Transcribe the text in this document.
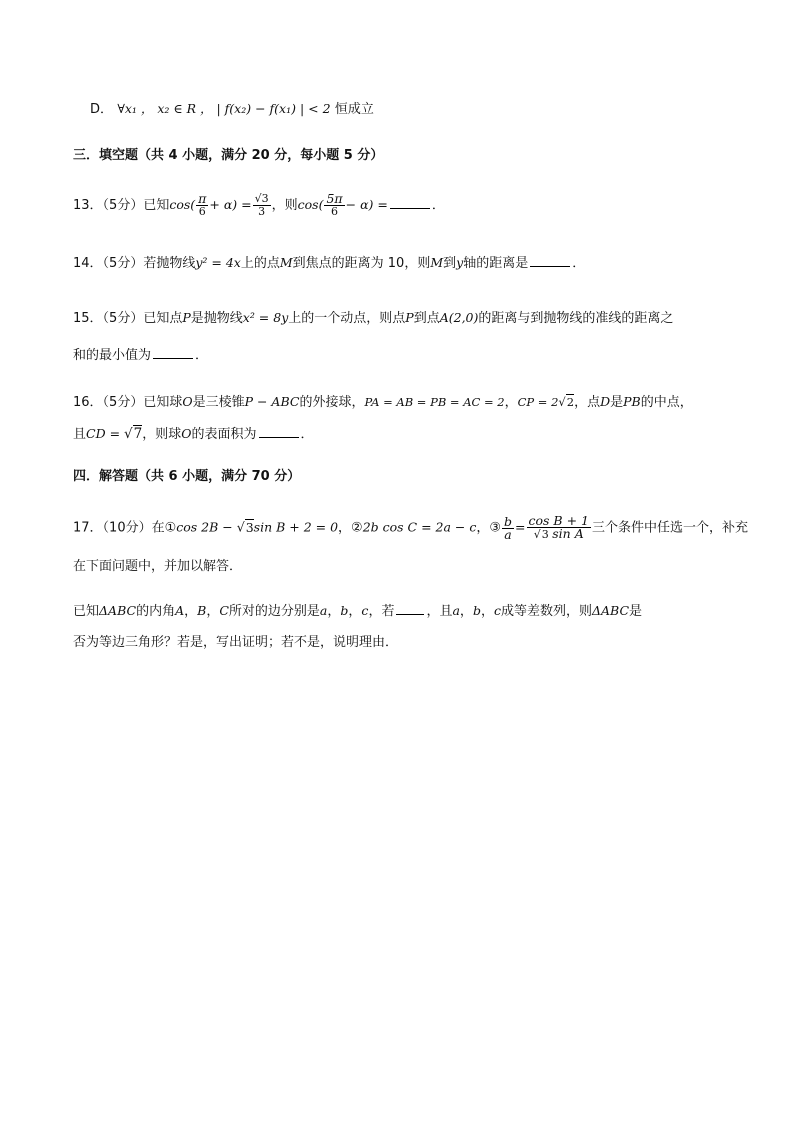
D． ∀x₁ ， x₂ ∈ R ， | f(x₂) − f(x₁) | < 2 恒成立
三．填空题（共 4 小题，满分 20 分，每小题 5 分）
13．（5分）已知$\cos( \frac{\pi}{6} + \alpha) = \frac{√3}{3}$ ，则$\cos( \frac{5\pi}{6} - \alpha)$ =	．
14．（5分）若抛物线y² = 4x上的点M到焦点的距离为 10，则M到y轴的距离是	．
15．（5分）已知点P是抛物线x² = 8y上的一个动点，则点P到点A(2,0)的距离与到抛物线的准线的距离之
和的最小值为	．
16．（5分）已知球O是三棱锥P − ABC的外接球，PA = AB = PB = AC = 2，CP = 2√2，点D是PB的中点，
且CD = √7，则球O的表面积为	．
四．解答题（共 6 小题，满分 70 分）
17．（10分）在①cos 2B − √3sin B + 2 = 0，②2b cos C = 2a − c，③ $\frac{b}{a} = \frac{\text{cos B + 1}}{\text{√3 sin A}}$ 三个条件中任选一个，补充
在下面问题中，并加以解答．
已知ΔABC的内角A，B，C所对的边分别是a，b，c，若 ，且a，b，c成等差数列，则ΔABC是
否为等边三角形？若是，写出证明；若不是，说明理由．
